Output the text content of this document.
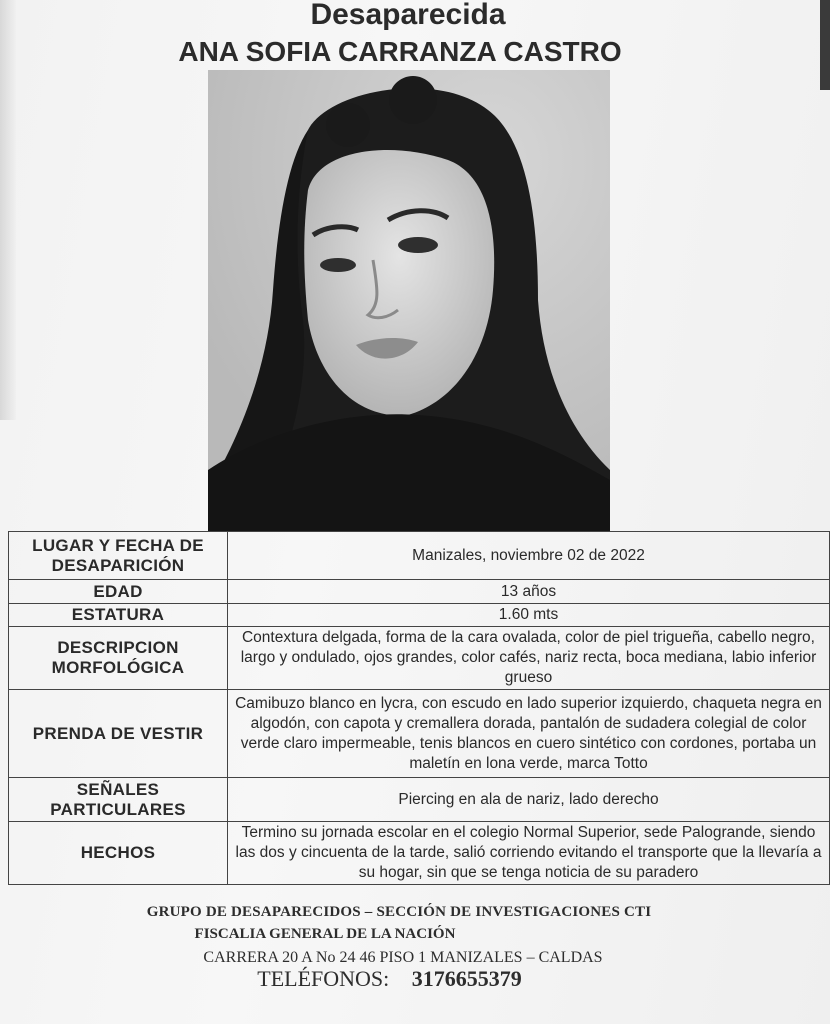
Desaparecida
ANA SOFIA CARRANZA CASTRO
LUGAR Y FECHA DE DESAPARICIÓN	Manizales, noviembre 02 de 2022
EDAD	13 años
ESTATURA	1.60 mts
DESCRIPCION MORFOLÓGICA	Contextura delgada, forma de la cara ovalada, color de piel trigueña, cabello negro, largo y ondulado, ojos grandes, color cafés, nariz recta, boca mediana, labio inferior grueso
PRENDA DE VESTIR	Camibuzo blanco en lycra, con escudo en lado superior izquierdo, chaqueta negra en algodón, con capota y cremallera dorada, pantalón de sudadera colegial de color verde claro impermeable, tenis blancos en cuero sintético con cordones, portaba un maletín en lona verde, marca Totto
SEÑALES PARTICULARES	Piercing en ala de nariz, lado derecho
HECHOS	Termino su jornada escolar en el colegio Normal Superior, sede Palogrande, siendo las dos y cincuenta de la tarde, salió corriendo evitando el transporte que la llevaría a su hogar, sin que se tenga noticia de su paradero
GRUPO DE DESAPARECIDOS – SECCIÓN DE INVESTIGACIONES CTI
FISCALIA GENERAL DE LA NACIÓN
CARRERA 20 A No 24 46 PISO 1 MANIZALES – CALDAS
TELÉFONOS: 3176655379
